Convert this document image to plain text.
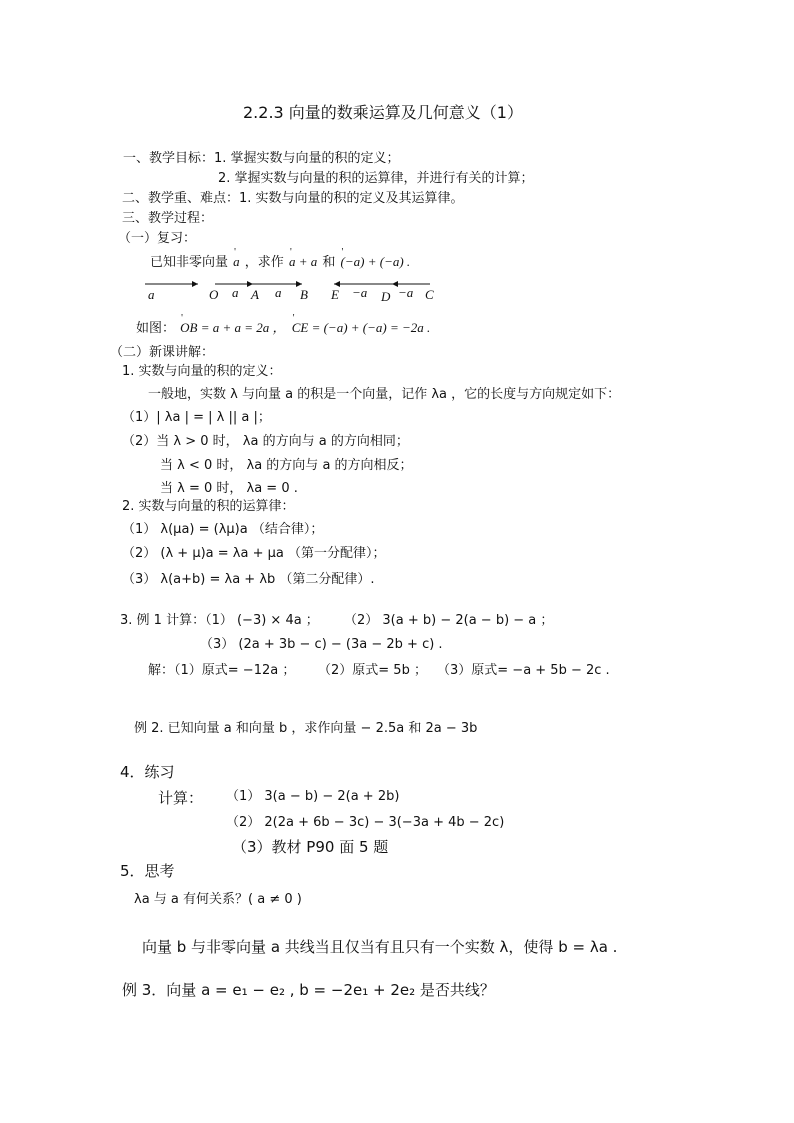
2.2.3 向量的数乘运算及几何意义（1）
一、教学目标：1. 掌握实数与向量的积的定义；
2. 掌握实数与向量的积的运算律，并进行有关的计算；
二、教学重、难点：1. 实数与向量的积的定义及其运算律。
三、教学过程：
（一）复习：
已知非零向量 ' a ，求作 ' a + a 和 ' (−a) + (−a) .
a	O a A a B E −a D −a C
如图： ' OB = a + a = 2a ， ' CE = (−a) + (−a) = −2a .
（二）新课讲解：
1. 实数与向量的积的定义：
一般地，实数 λ 与向量 a 的积是一个向量，记作 λa ，它的长度与方向规定如下：
（1）| λa | = | λ || a |；
（2）当 λ > 0 时， λa 的方向与 a 的方向相同；
当 λ < 0 时， λa 的方向与 a 的方向相反；
当 λ = 0 时， λa = 0 .
2. 实数与向量的积的运算律：
（1） λ(μa) = (λμ)a （结合律）；
（2） (λ + μ)a = λa + μa （第一分配律）；
（3） λ(a+b) = λa + λb （第二分配律）.
3. 例 1 计算：（1） (−3) × 4a ； （2） 3(a + b) − 2(a − b) − a ；
（3） (2a + 3b − c) − (3a − 2b + c) .
解：（1）原式= −12a ； （2）原式= 5b ； （3）原式= −a + 5b − 2c .
例 2. 已知向量 a 和向量 b ，求作向量 − 2.5a 和 2a − 3b
4．练习
计算： （1） 3(a − b) − 2(a + 2b)
（2） 2(2a + 6b − 3c) − 3(−3a + 4b − 2c)
（3）教材 P90 面 5 题
5．思考
λa 与 a 有何关系？( a ≠ 0 )
向量 b 与非零向量 a 共线当且仅当有且只有一个实数 λ，使得 b = λa .
例 3．向量 a = e₁ − e₂ , b = −2e₁ + 2e₂ 是否共线？
